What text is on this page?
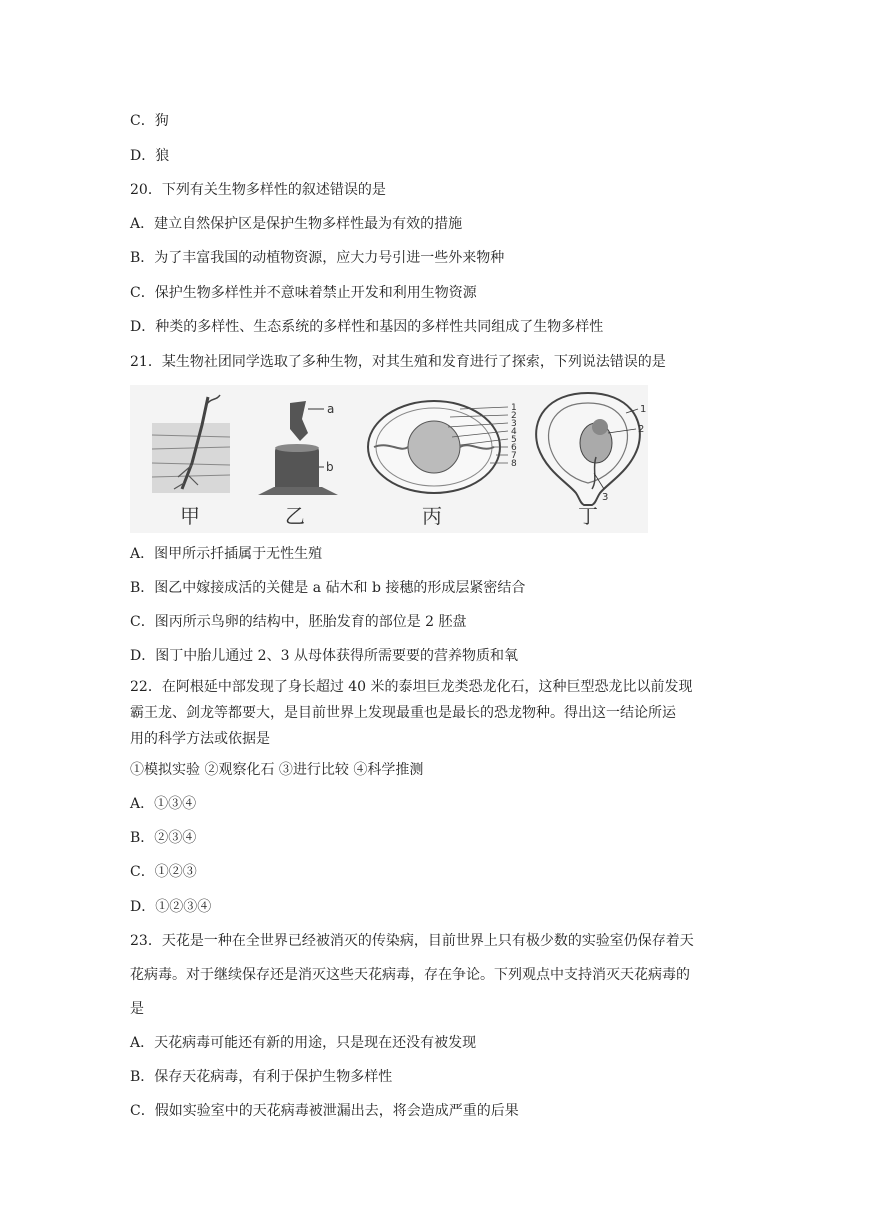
C．狗
D．狼
20．下列有关生物多样性的叙述错误的是
A．建立自然保护区是保护生物多样性最为有效的措施
B．为了丰富我国的动植物资源，应大力号引进一些外来物种
C．保护生物多样性并不意味着禁止开发和利用生物资源
D．种类的多样性、生态系统的多样性和基因的多样性共同组成了生物多样性
21．某生物社团同学选取了多种生物，对其生殖和发育进行了探索，下列说法错误的是
甲
a
b
乙
1
2
3
4
5
6
7
8
丙
1
2
3
丁
A．图甲所示扦插属于无性生殖
B．图乙中嫁接成活的关健是 a 砧木和 b 接穗的形成层紧密结合
C．图丙所示鸟卵的结构中，胚胎发育的部位是 2 胚盘
D．图丁中胎儿通过 2、3 从母体获得所需要要的营养物质和氧
22．在阿根延中部发现了身长超过 40 米的泰坦巨龙类恐龙化石，这种巨型恐龙比以前发现
霸王龙、剑龙等都要大，是目前世界上发现最重也是最长的恐龙物种。得出这一结论所运
用的科学方法或依据是
①模拟实验 ②观察化石 ③进行比较 ④科学推测
A．①③④
B．②③④
C．①②③
D．①②③④
23．天花是一种在全世界已经被消灭的传染病，目前世界上只有极少数的实验室仍保存着天
花病毒。对于继续保存还是消灭这些天花病毒，存在争论。下列观点中支持消灭天花病毒的
是
A．天花病毒可能还有新的用途，只是现在还没有被发现
B．保存天花病毒，有利于保护生物多样性
C．假如实验室中的天花病毒被泄漏出去，将会造成严重的后果
